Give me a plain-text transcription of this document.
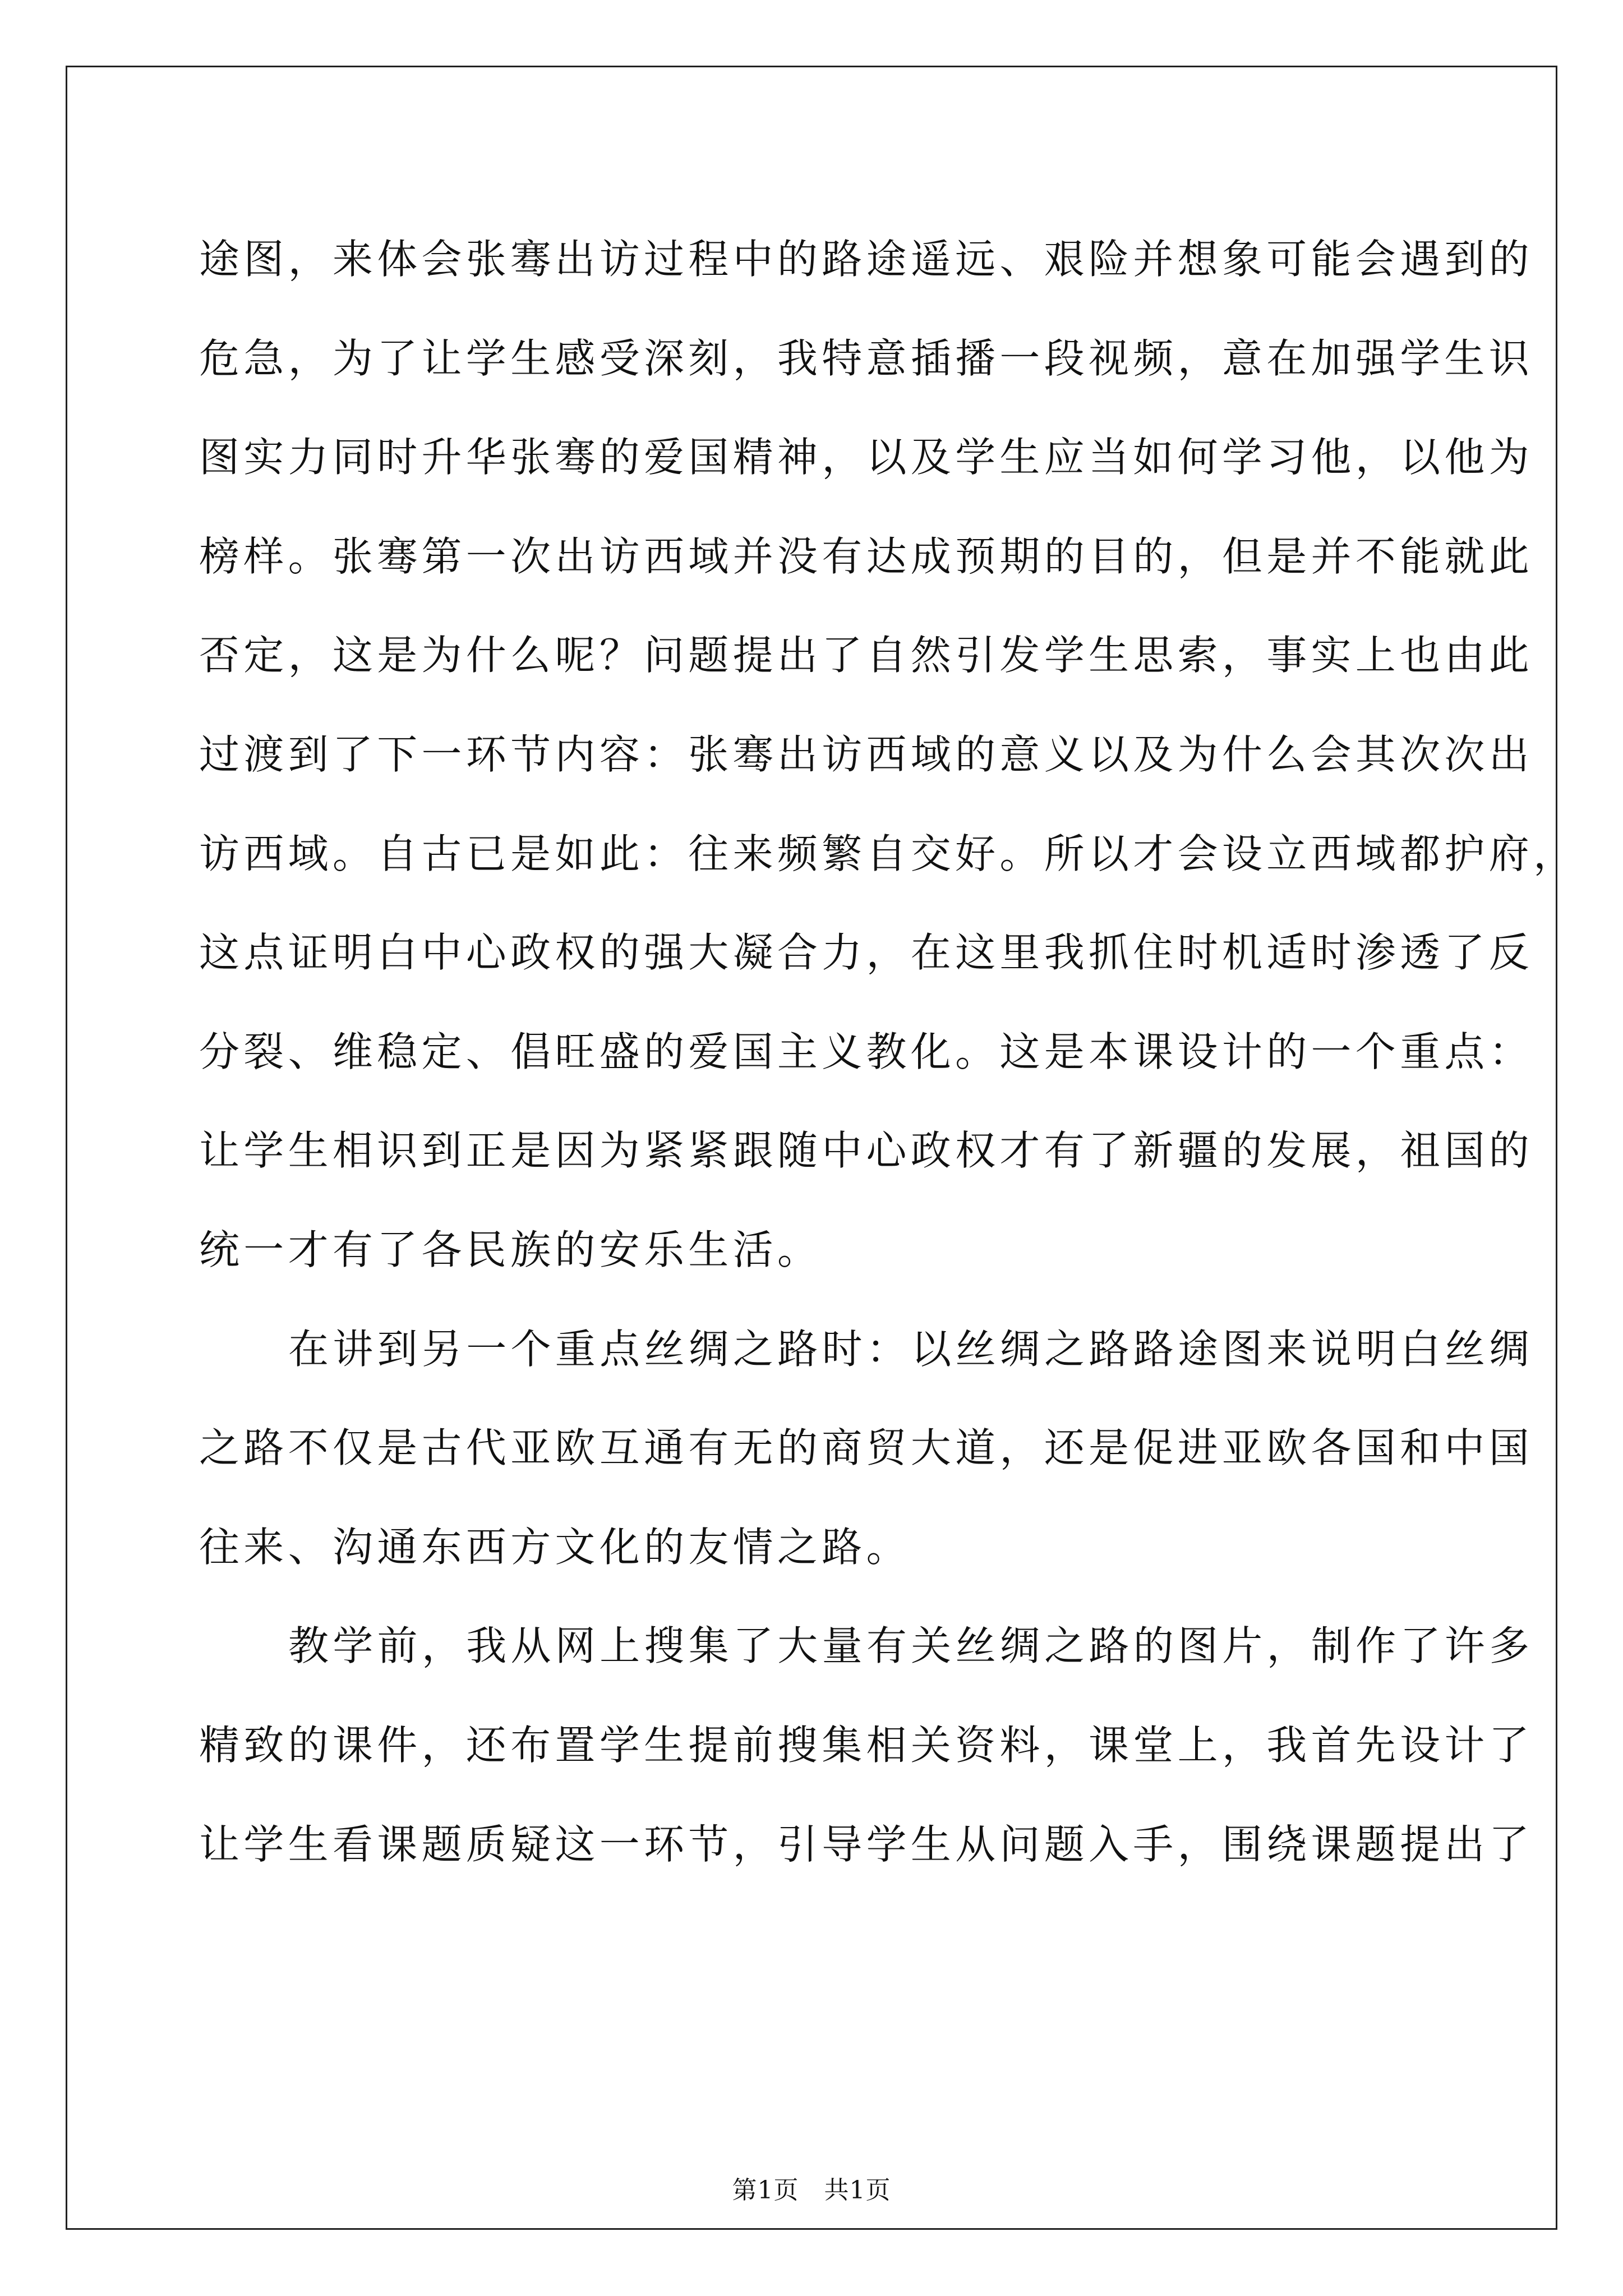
途图，来体会张骞出访过程中的路途遥远、艰险并想象可能会遇到的
危急，为了让学生感受深刻，我特意插播一段视频，意在加强学生识
图实力同时升华张骞的爱国精神，以及学生应当如何学习他，以他为
榜样。张骞第一次出访西域并没有达成预期的目的，但是并不能就此
否定，这是为什么呢？问题提出了自然引发学生思索，事实上也由此
过渡到了下一环节内容：张骞出访西域的意义以及为什么会其次次出
访西域。自古已是如此：往来频繁自交好。所以才会设立西域都护府，
这点证明白中心政权的强大凝合力，在这里我抓住时机适时渗透了反
分裂、维稳定、倡旺盛的爱国主义教化。这是本课设计的一个重点：
让学生相识到正是因为紧紧跟随中心政权才有了新疆的发展，祖国的
统一才有了各民族的安乐生活。
在讲到另一个重点丝绸之路时：以丝绸之路路途图来说明白丝绸
之路不仅是古代亚欧互通有无的商贸大道，还是促进亚欧各国和中国
往来、沟通东西方文化的友情之路。
教学前，我从网上搜集了大量有关丝绸之路的图片，制作了许多
精致的课件，还布置学生提前搜集相关资料，课堂上，我首先设计了
让学生看课题质疑这一环节，引导学生从问题入手，围绕课题提出了
第1页　共1页
